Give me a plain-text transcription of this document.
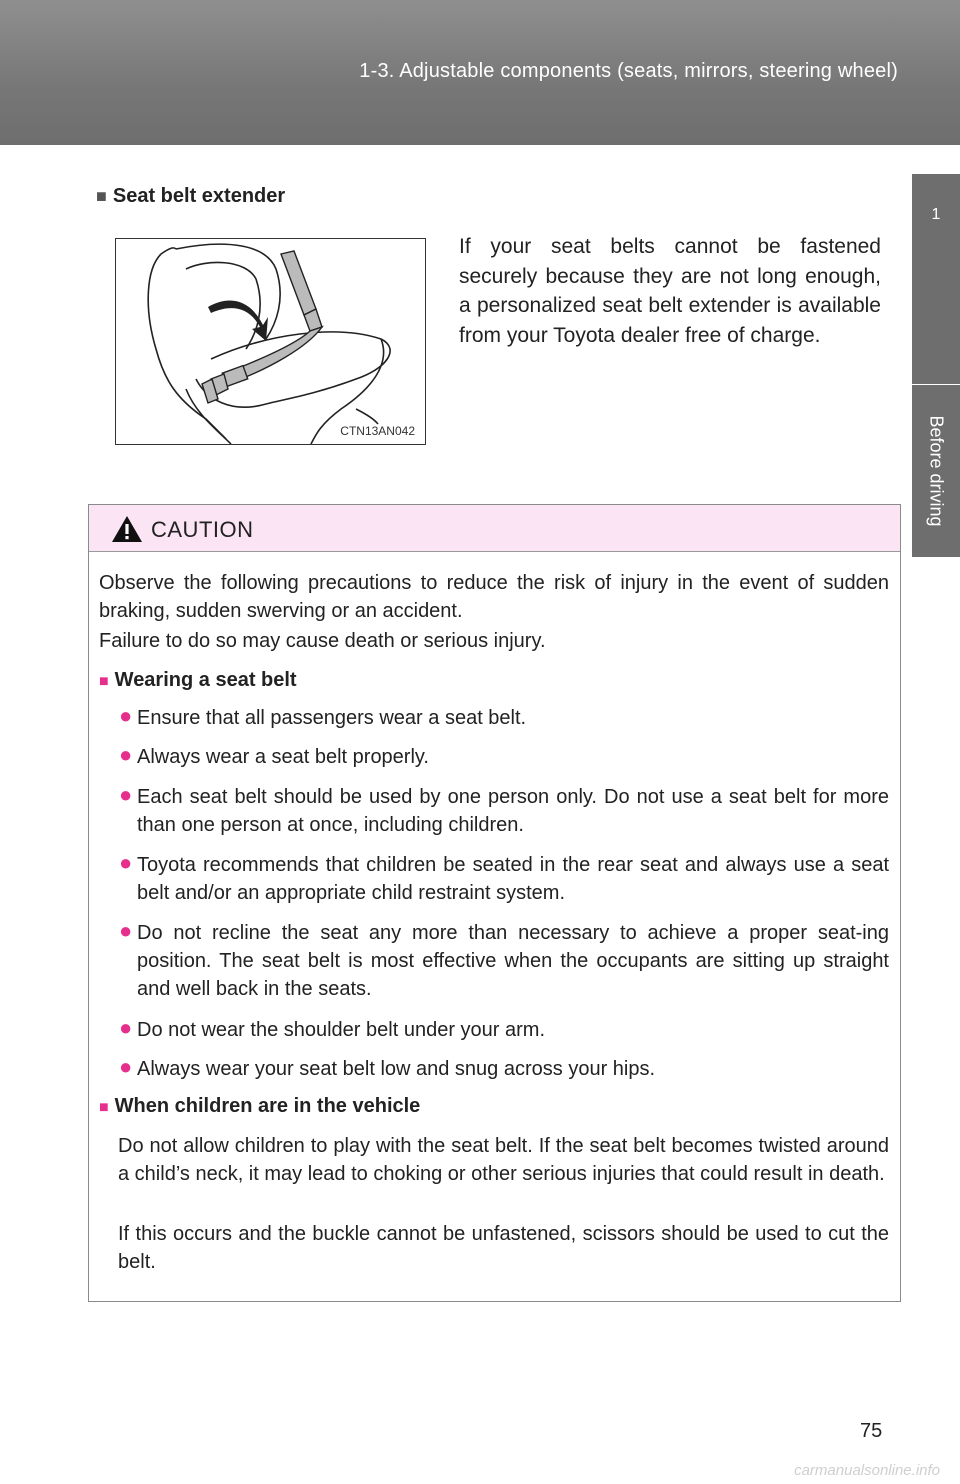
1-3. Adjustable components (seats, mirrors, steering wheel)
1
Before driving
■ Seat belt extender
CTN13AN042
If your seat belts cannot be fastened securely because they are not long enough, a personalized seat belt extender is available from your Toyota dealer free of charge.
CAUTION
Observe the following precautions to reduce the risk of injury in the event of sudden braking, sudden swerving or an accident.
Failure to do so may cause death or serious injury.
■ Wearing a seat belt
● Ensure that all passengers wear a seat belt.
● Always wear a seat belt properly.
● Each seat belt should be used by one person only. Do not use a seat belt for more than one person at once, including children.
● Toyota recommends that children be seated in the rear seat and always use a seat belt and/or an appropriate child restraint system.
● Do not recline the seat any more than necessary to achieve a proper seat-ing position. The seat belt is most effective when the occupants are sitting up straight and well back in the seats.
● Do not wear the shoulder belt under your arm.
● Always wear your seat belt low and snug across your hips.
■ When children are in the vehicle
Do not allow children to play with the seat belt. If the seat belt becomes twisted around a child’s neck, it may lead to choking or other serious injuries that could result in death.
If this occurs and the buckle cannot be unfastened, scissors should be used to cut the belt.
75
carmanualsonline.info
